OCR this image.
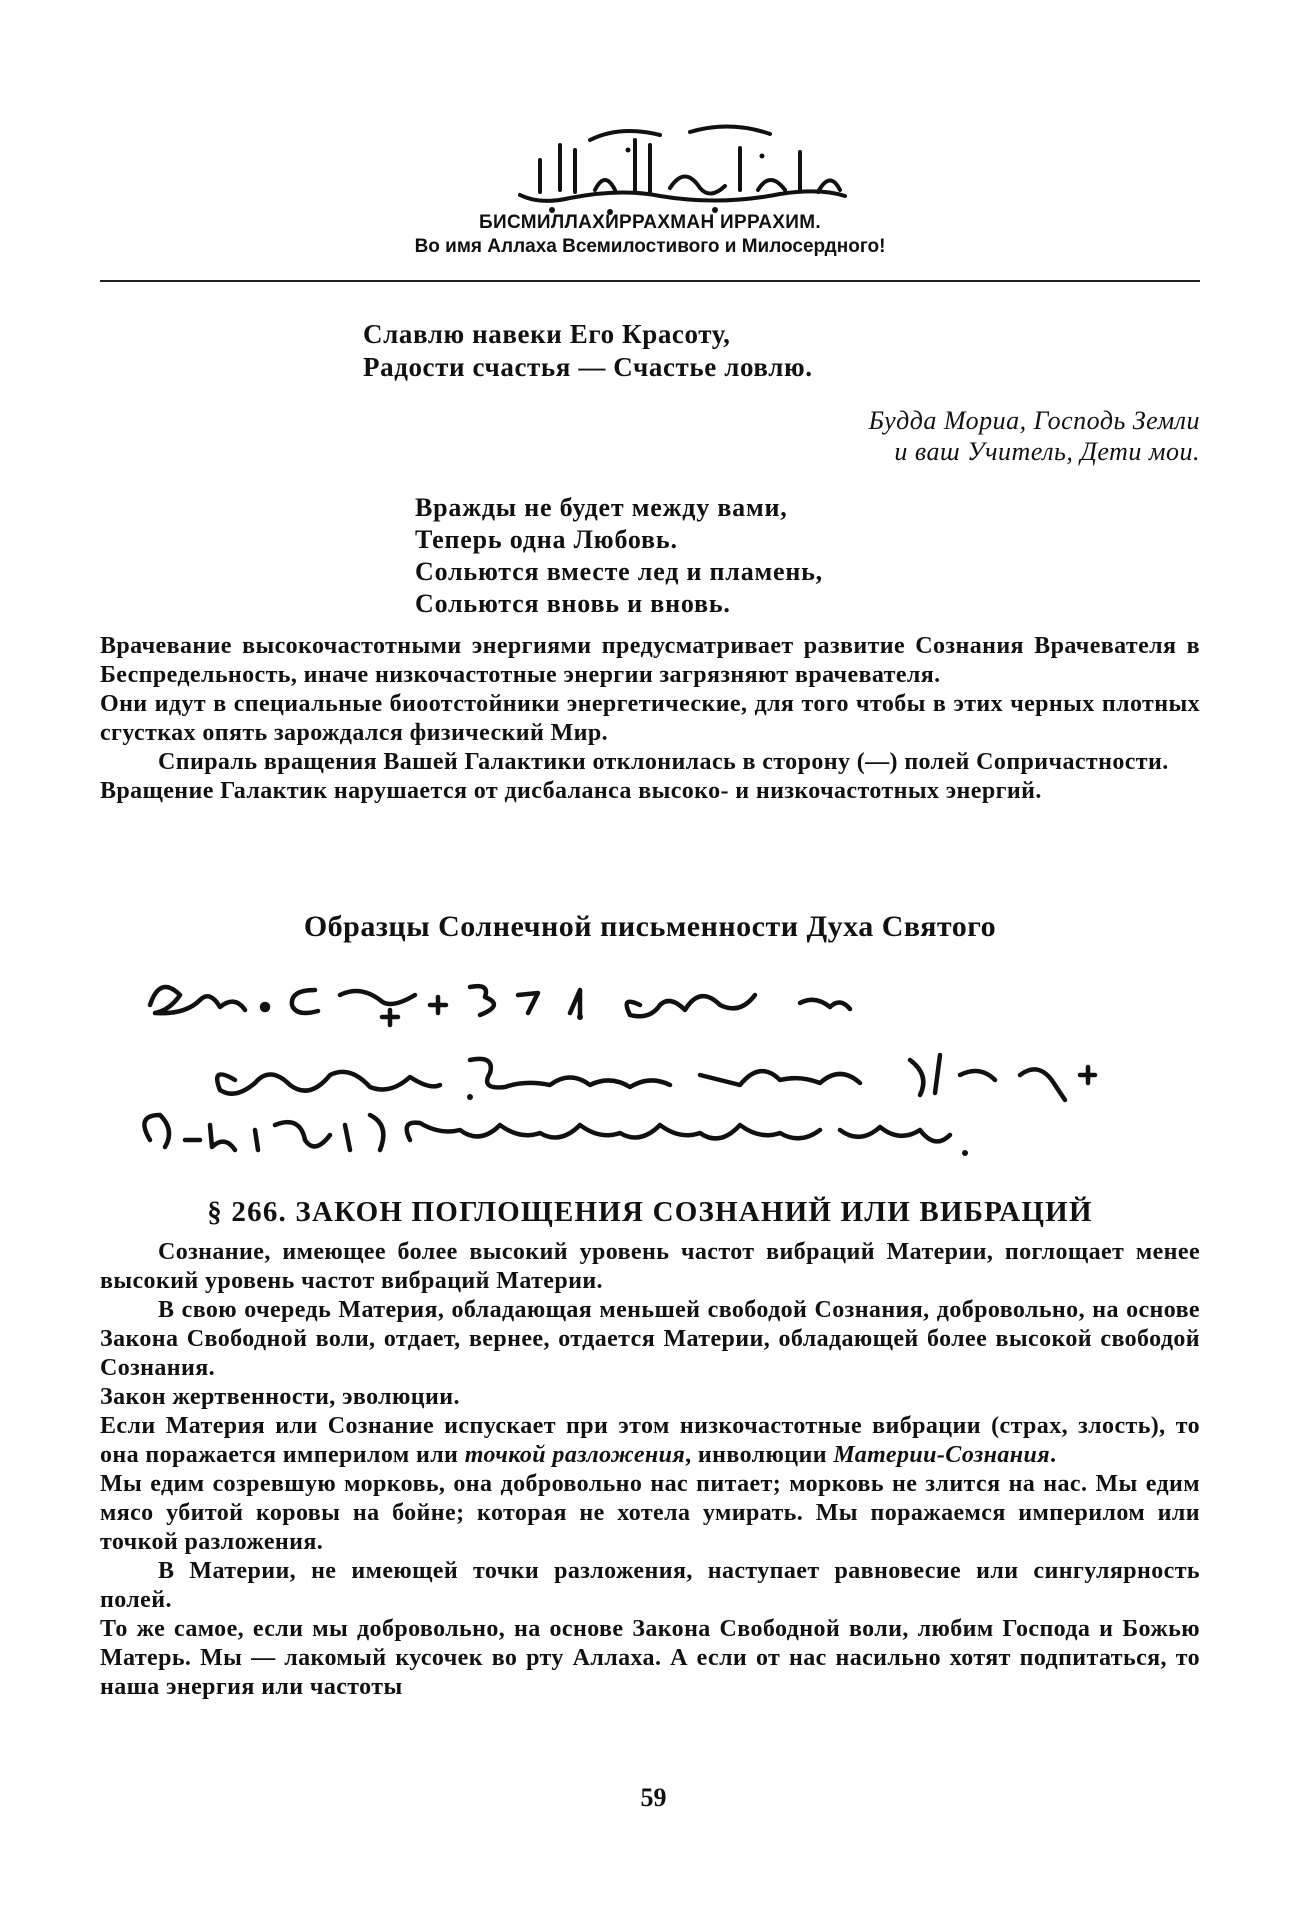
БИСМИЛЛАХИРРАХМАН ИРРАХИМ.
Во имя Аллаха Всемилостивого и Милосердного!
Славлю навеки Его Красоту,
Радости счастья — Счастье ловлю.
Будда Мориа, Господь Земли
и ваш Учитель, Дети мои.
Вражды не будет между вами,
Теперь одна Любовь.
Сольются вместе лед и пламень,
Сольются вновь и вновь.

Врачевание высокочастотными энергиями предусматривает развитие Сознания Врачевателя в Беспредельность, иначе низкочастотные энергии загрязняют врачевателя.

Они идут в специальные биоотстойники энергетические, для того чтобы в этих черных плотных сгустках опять зарождался физический Мир.

Спираль вращения Вашей Галактики отклонилась в сторону (—) полей Сопричастности.

Вращение Галактик нарушается от дисбаланса высоко- и низкочастотных энергий.

Образцы Солнечной письменности Духа Святого
§ 266. ЗАКОН ПОГЛОЩЕНИЯ СОЗНАНИЙ ИЛИ ВИБРАЦИЙ

Сознание, имеющее более высокий уровень частот вибраций Материи, поглощает менее высокий уровень частот вибраций Материи.

В свою очередь Материя, обладающая меньшей свободой Сознания, добровольно, на основе Закона Свободной воли, отдает, вернее, отдается Материи, обладающей более высокой свободой Сознания.

Закон жертвенности, эволюции.

Если Материя или Сознание испускает при этом низкочастотные вибрации (страх, злость), то она поражается империлом или точкой разложения, инволюции Материи-Сознания.

Мы едим созревшую морковь, она добровольно нас питает; морковь не злится на нас. Мы едим мясо убитой коровы на бойне; которая не хотела умирать. Мы поражаемся империлом или точкой разложения.

В Материи, не имеющей точки разложения, наступает равновесие или сингулярность полей.

То же самое, если мы добровольно, на основе Закона Свободной воли, любим Господа и Божью Матерь. Мы — лакомый кусочек во рту Аллаха. А если от нас насильно хотят подпитаться, то наша энергия или частоты

59
